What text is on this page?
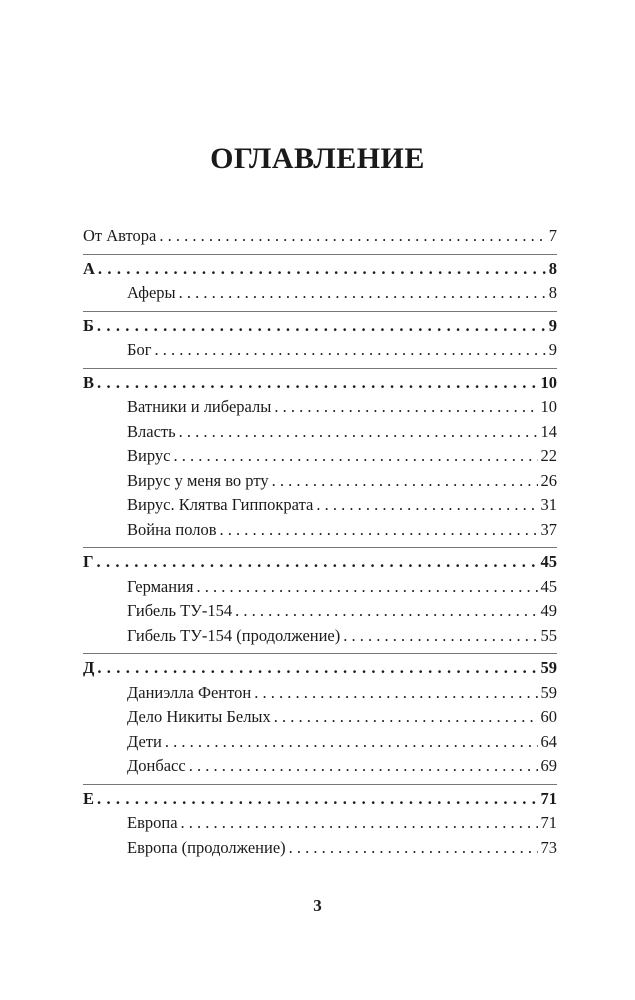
ОГЛАВЛЕНИЕ
От Автора . . .	7
А . . .	8
Аферы . . .	8
Б . . .	9
Бог . . .	9
В . . .	10
Ватники и либералы . . .	10
Власть . . .	14
Вирус . . .	22
Вирус у меня во рту . . .	26
Вирус. Клятва Гиппократа . . .	31
Война полов . . .	37
Г . . .	45
Германия . . .	45
Гибель ТУ-154 . . .	49
Гибель ТУ-154 (продолжение) . . .	55
Д . . .	59
Даниэлла Фентон . . .	59
Дело Никиты Белых . . .	60
Дети . . .	64
Донбасс . . .	69
Е . . .	71
Европа . . .	71
Европа (продолжение) . . .	73
3
